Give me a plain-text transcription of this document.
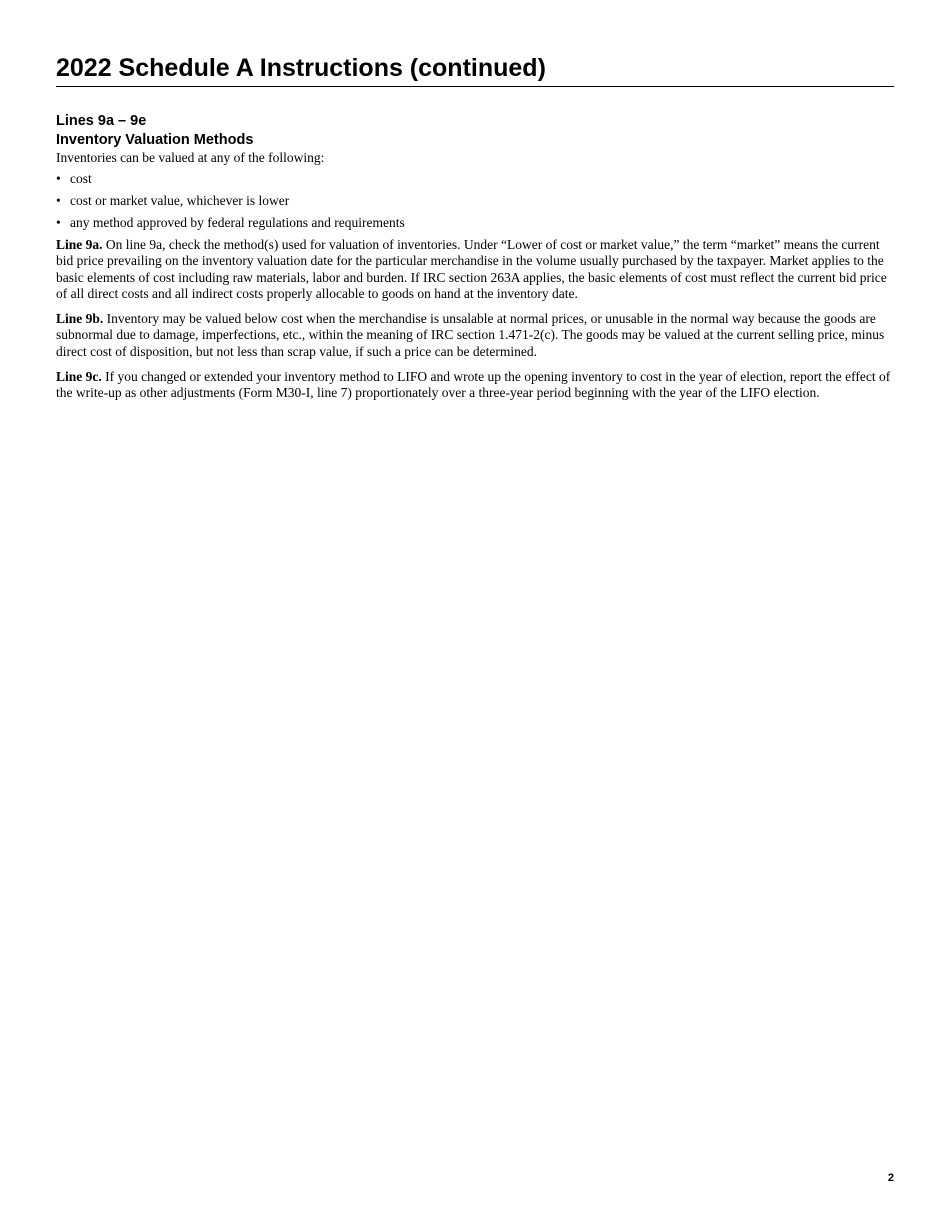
2022 Schedule A Instructions (continued)
Lines 9a – 9e
Inventory Valuation Methods

Inventories can be valued at any of the following:

• cost
• cost or market value, whichever is lower
• any method approved by federal regulations and requirements

Line 9a. On line 9a, check the method(s) used for valuation of inventories. Under “Lower of cost or market value,” the term “market” means the current bid price prevailing on the inventory valuation date for the particular merchandise in the volume usually purchased by the taxpayer. Market applies to the basic elements of cost including raw materials, labor and burden. If IRC section 263A applies, the basic elements of cost must reflect the current bid price of all direct costs and all indirect costs properly allocable to goods on hand at the inventory date.

Line 9b. Inventory may be valued below cost when the merchandise is unsalable at normal prices, or unusable in the normal way because the goods are subnormal due to damage, imperfections, etc., within the meaning of IRC section 1.471-2(c). The goods may be valued at the current selling price, minus direct cost of disposition, but not less than scrap value, if such a price can be determined.

Line 9c. If you changed or extended your inventory method to LIFO and wrote up the opening inventory to cost in the year of election, report the effect of the write-up as other adjustments (Form M30-I, line 7) proportionately over a three-year period beginning with the year of the LIFO election.

2
